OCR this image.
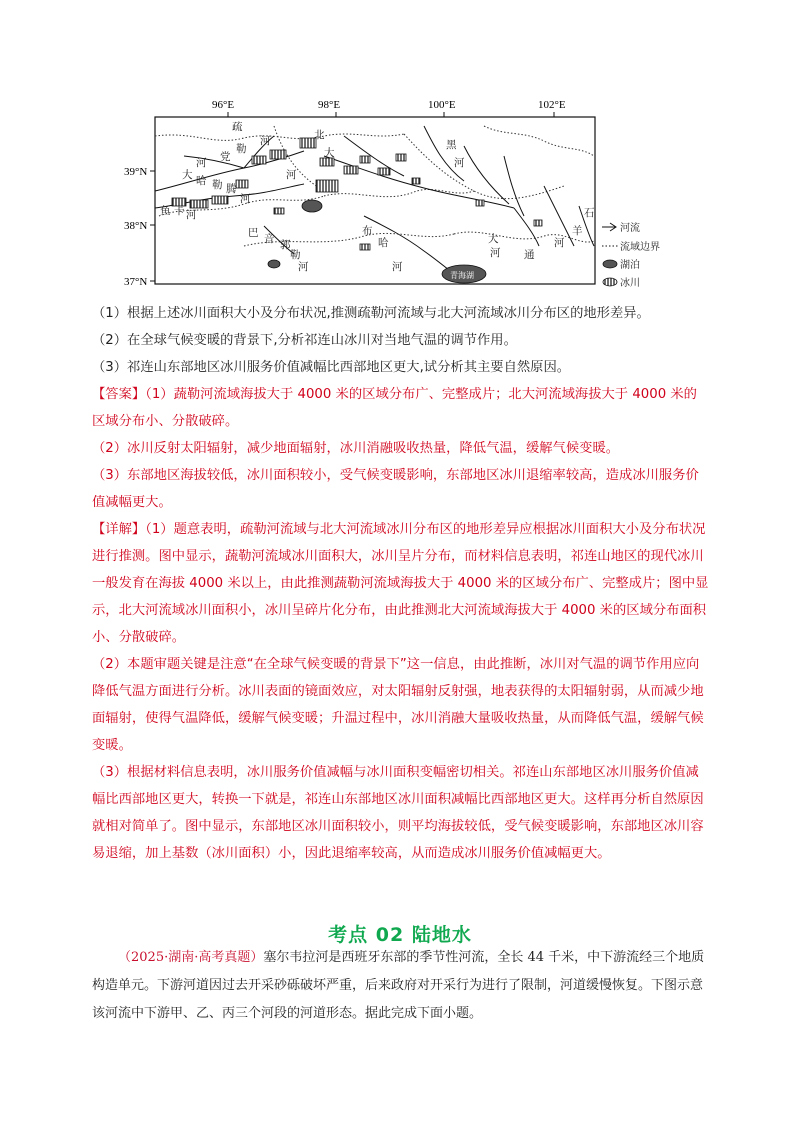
96°E	98°E	100°E	102°E
39°N
38°N
37°N
疏
勒
河
党
河
大 哈 勒 腾
河
鱼 卡 河
巴 音 郭
勒
河
北
大
河
布
哈
河
黑
河
大
通
河
石
羊
河
青海湖
河流
流域边界
湖泊
冰川
（1）根据上述冰川面积大小及分布状况,推测疏勒河流域与北大河流域冰川分布区的地形差异。
（2）在全球气候变暖的背景下,分析祁连山冰川对当地气温的调节作用。
（3）祁连山东部地区冰川服务价值减幅比西部地区更大,试分析其主要自然原因。
【答案】（1）蔬勒河流域海拔大于 4000 米的区域分布广、完整成片；北大河流域海拔大于 4000 米的区域分布小、分散破碎。
（2）冰川反射太阳辐射，减少地面辐射，冰川消融吸收热量，降低气温，缓解气候变暖。
（3）东部地区海拔较低，冰川面积较小，受气候变暖影响，东部地区冰川退缩率较高，造成冰川服务价值减幅更大。
【详解】（1）题意表明，疏勒河流域与北大河流域冰川分布区的地形差异应根据冰川面积大小及分布状况进行推测。图中显示，蔬勒河流域冰川面积大，冰川呈片分布，而材料信息表明，祁连山地区的现代冰川一般发育在海拔 4000 米以上，由此推测蔬勒河流域海拔大于 4000 米的区域分布广、完整成片；图中显示，北大河流域冰川面积小，冰川呈碎片化分布，由此推测北大河流域海拔大于 4000 米的区域分布面积小、分散破碎。
（2）本题审题关键是注意“在全球气候变暖的背景下”这一信息，由此推断，冰川对气温的调节作用应向降低气温方面进行分析。冰川表面的镜面效应，对太阳辐射反射强，地表获得的太阳辐射弱，从而减少地面辐射，使得气温降低，缓解气候变暖；升温过程中，冰川消融大量吸收热量，从而降低气温，缓解气候变暖。
（3）根据材料信息表明，冰川服务价值减幅与冰川面积变幅密切相关。祁连山东部地区冰川服务价值减幅比西部地区更大，转换一下就是，祁连山东部地区冰川面积减幅比西部地区更大。这样再分析自然原因就相对简单了。图中显示，东部地区冰川面积较小，则平均海拔较低，受气候变暖影响，东部地区冰川容易退缩，加上基数（冰川面积）小，因此退缩率较高，从而造成冰川服务价值减幅更大。
考点 02 陆地水
（2025·湖南·高考真题）塞尔韦拉河是西班牙东部的季节性河流，全长 44 千米，中下游流经三个地质构造单元。下游河道因过去开采砂砾破坏严重，后来政府对开采行为进行了限制，河道缓慢恢复。下图示意该河流中下游甲、乙、丙三个河段的河道形态。据此完成下面小题。
